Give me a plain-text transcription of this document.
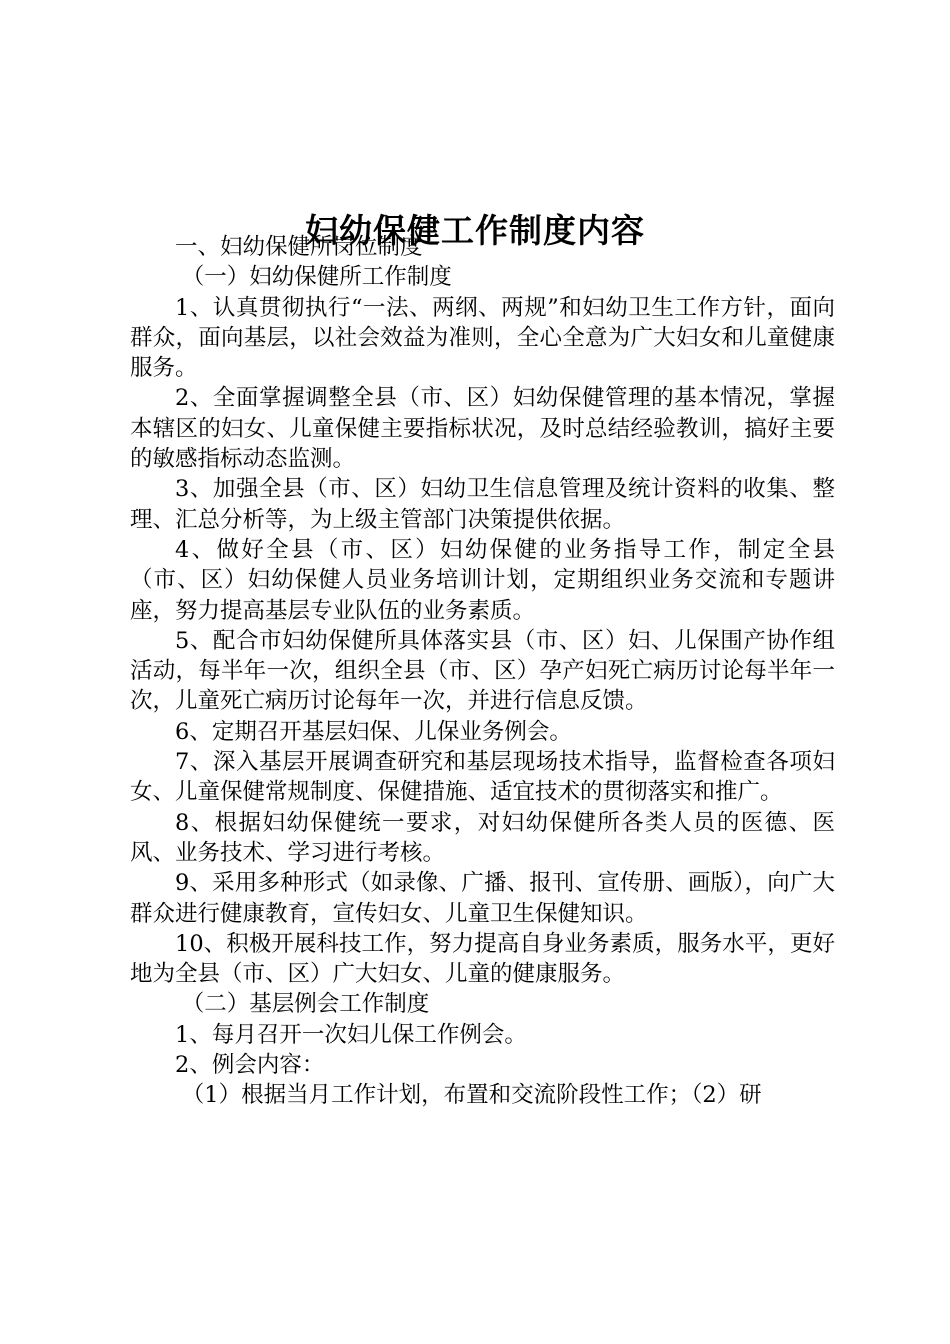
妇幼保健工作制度内容

一、妇幼保健所岗位制度

（一）妇幼保健所工作制度

1、认真贯彻执行“一法、两纲、两规”和妇幼卫生工作方针，面向群众，面向基层，以社会效益为准则，全心全意为广大妇女和儿童健康服务。

2、全面掌握调整全县（市、区）妇幼保健管理的基本情况，掌握本辖区的妇女、儿童保健主要指标状况，及时总结经验教训，搞好主要的敏感指标动态监测。

3、加强全县（市、区）妇幼卫生信息管理及统计资料的收集、整理、汇总分析等，为上级主管部门决策提供依据。

4、做好全县（市、区）妇幼保健的业务指导工作，制定全县（市、区）妇幼保健人员业务培训计划，定期组织业务交流和专题讲座，努力提高基层专业队伍的业务素质。

5、配合市妇幼保健所具体落实县（市、区）妇、儿保围产协作组活动，每半年一次，组织全县（市、区）孕产妇死亡病历讨论每半年一次，儿童死亡病历讨论每年一次，并进行信息反馈。

6、定期召开基层妇保、儿保业务例会。

7、深入基层开展调查研究和基层现场技术指导，监督检查各项妇女、儿童保健常规制度、保健措施、适宜技术的贯彻落实和推广。

8、根据妇幼保健统一要求，对妇幼保健所各类人员的医德、医风、业务技术、学习进行考核。

9、采用多种形式（如录像、广播、报刊、宣传册、画版），向广大群众进行健康教育，宣传妇女、儿童卫生保健知识。

10、积极开展科技工作，努力提高自身业务素质，服务水平，更好地为全县（市、区）广大妇女、儿童的健康服务。

（二）基层例会工作制度

1、每月召开一次妇儿保工作例会。

2、例会内容：

（1）根据当月工作计划，布置和交流阶段性工作；（2）研
